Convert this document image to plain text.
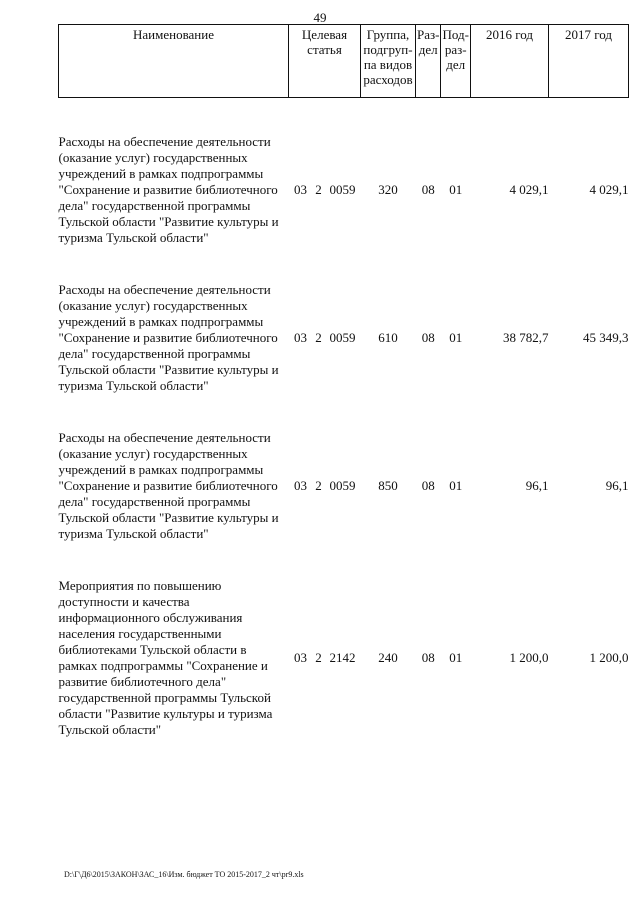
49
Наименование	Целевая статья	Группа, подгруп-па видов расходов	Раз-дел	Под-раз-дел	2016 год	2017 год

Расходы на обеспечение деятельности (оказание услуг) государственных учреждений в рамках подпрограммы "Сохранение и развитие библиотечного дела" государственной программы Тульской области "Развитие культуры и туризма Тульской области"	03 2 0059	320	08	01	4 029,1	4 029,1

Расходы на обеспечение деятельности (оказание услуг) государственных учреждений в рамках подпрограммы "Сохранение и развитие библиотечного дела" государственной программы Тульской области "Развитие культуры и туризма Тульской области"	03 2 0059	610	08	01	38 782,7	45 349,3

Расходы на обеспечение деятельности (оказание услуг) государственных учреждений в рамках подпрограммы "Сохранение и развитие библиотечного дела" государственной программы Тульской области "Развитие культуры и туризма Тульской области"	03 2 0059	850	08	01	96,1	96,1

Мероприятия по повышению доступности и качества информационного обслуживания населения государственными библиотеками Тульской области в рамках подпрограммы "Сохранение и развитие библиотечного дела" государственной программы Тульской области "Развитие культуры и туризма Тульской области"	03 2 2142	240	08	01	1 200,0	1 200,0
D:\Г\Д6\2015\ЗАКОН\ЗАС_16\Изм. бюджет ТО 2015-2017_2 чт\pr9.xls
